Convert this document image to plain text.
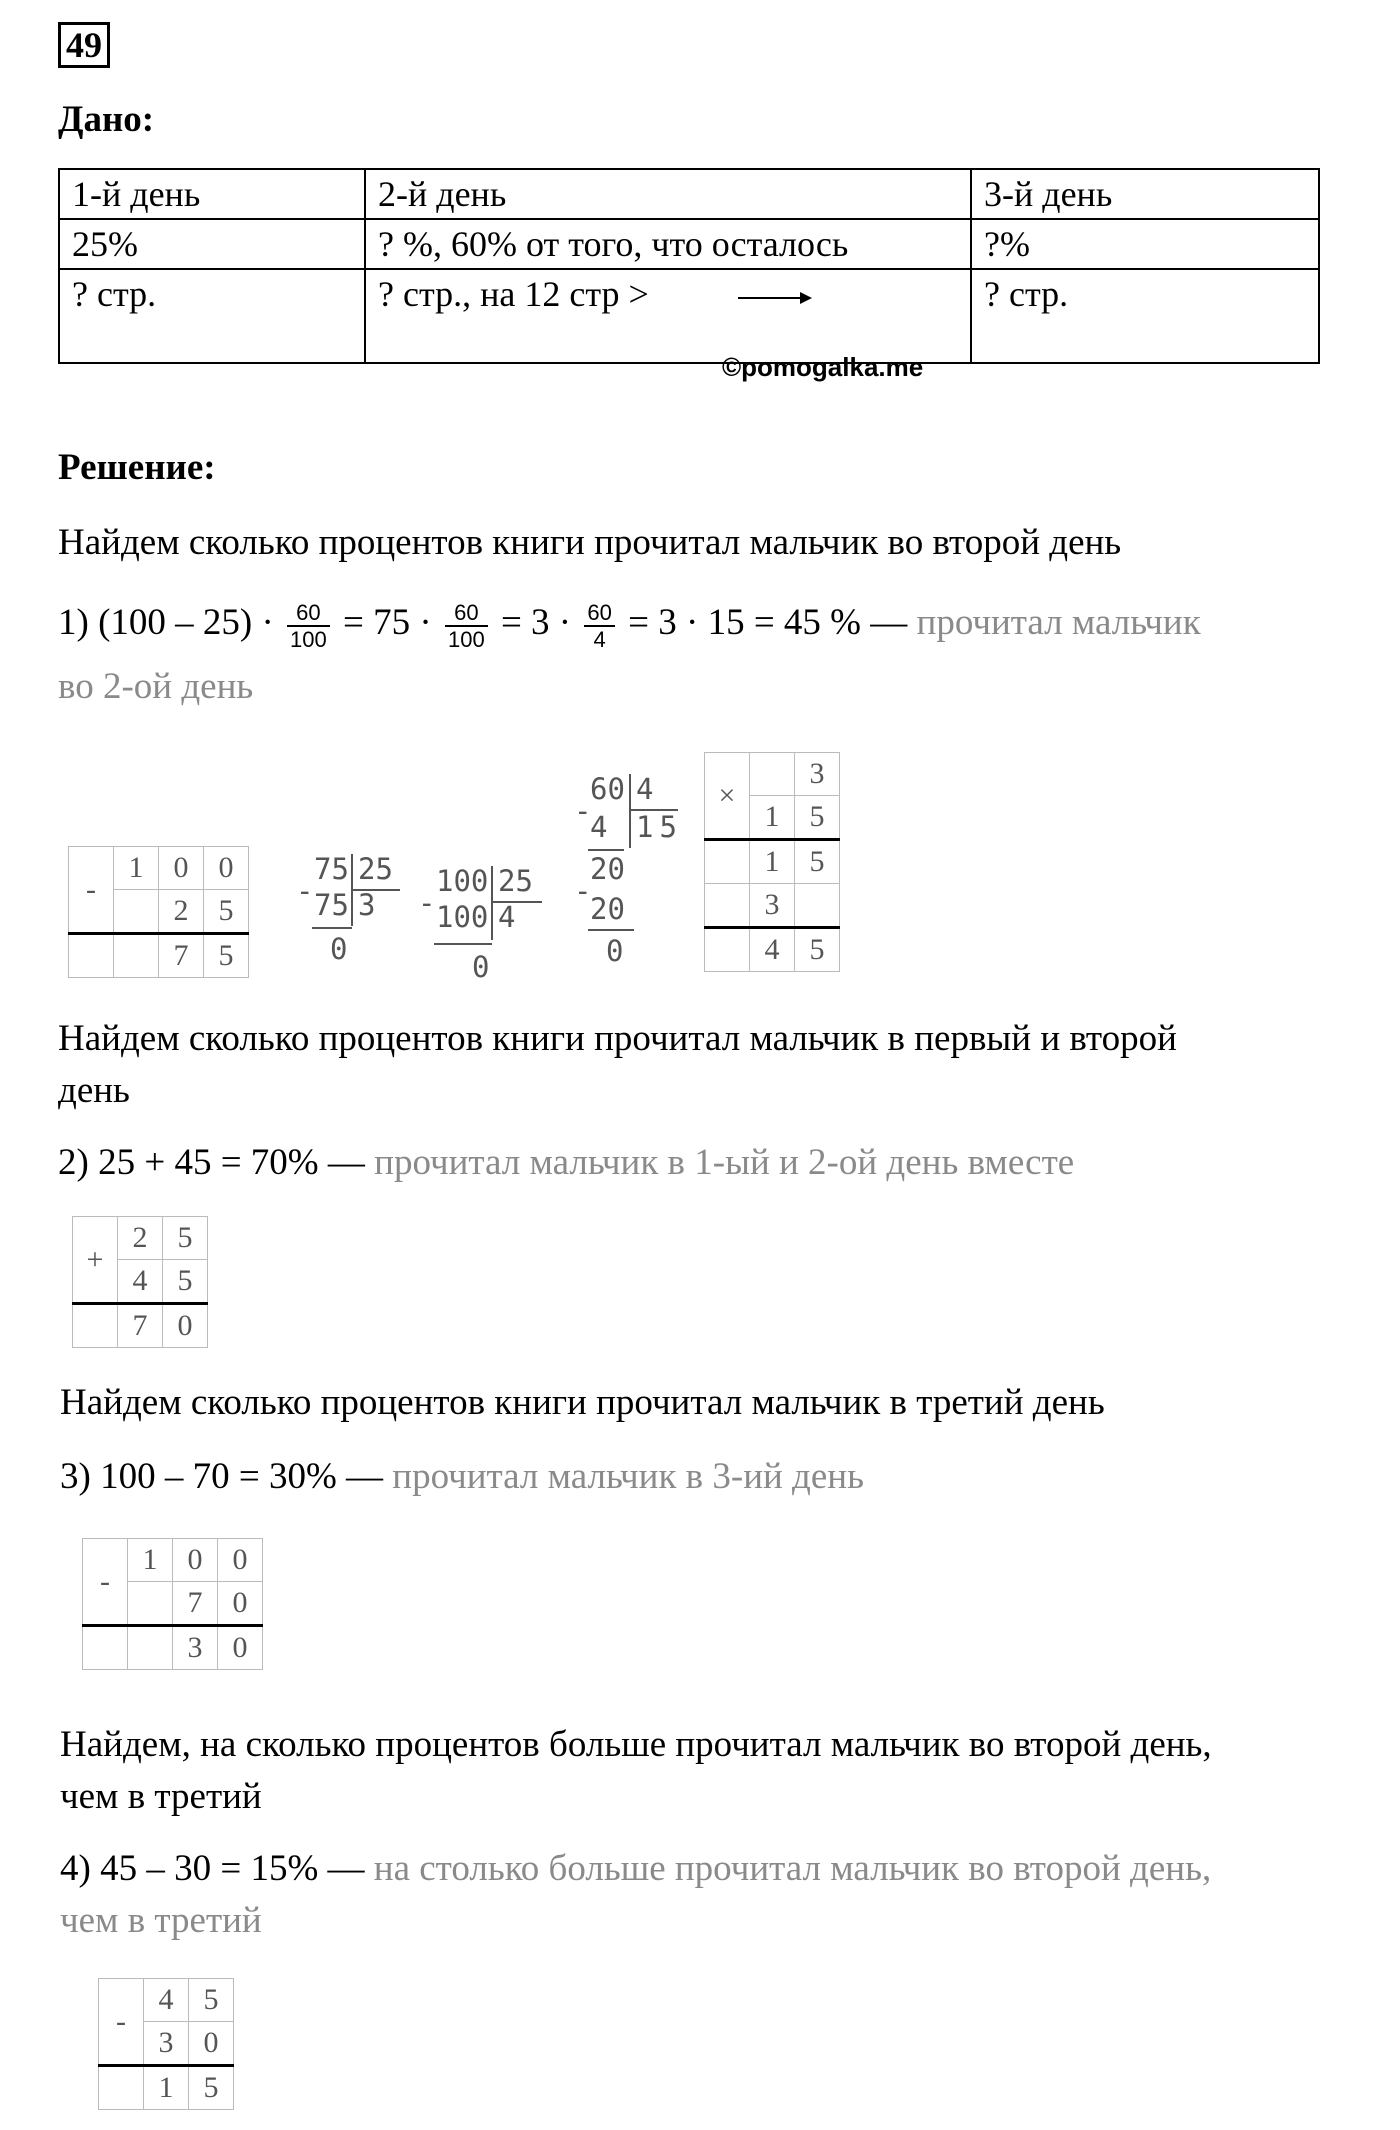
49
Дано:
1-й день	2-й день	3-й день
25%	? %, 60% от того, что осталось	?%
? стр.	? стр., на 12 стр >	? стр.
©pomogalka.me
Решение:
Найдем сколько процентов книги прочитал мальчик во второй день
1) $(100 - 25) \cdot \frac{60}{100} = 75 \cdot \frac{60}{100} = 3 \cdot \frac{60}{4} = 3 \cdot 15 = 45$ % — прочитал мальчик
во 2-ой день
-	1	0	0
		2	5
		7	5
75 25
- 75 3
0
100 25
- 100 4
0
60 4
-
4 15
20
-
20
0
×		3
	1	5
	1	5
	3	
	4	5
Найдем сколько процентов книги прочитал мальчик в первый и второй
день
2) 25 + 45 = 70% — прочитал мальчик в 1-ый и 2-ой день вместе
+	2	5
	4	5
	7	0
Найдем сколько процентов книги прочитал мальчик в третий день
3) 100 – 70 = 30% — прочитал мальчик в 3-ий день
-	1	0	0
		7	0
		3	0
Найдем, на сколько процентов больше прочитал мальчик во второй день,
чем в третий
4) 45 – 30 = 15% — на столько больше прочитал мальчик во второй день,
чем в третий
-	4	5
	3	0
	1	5
